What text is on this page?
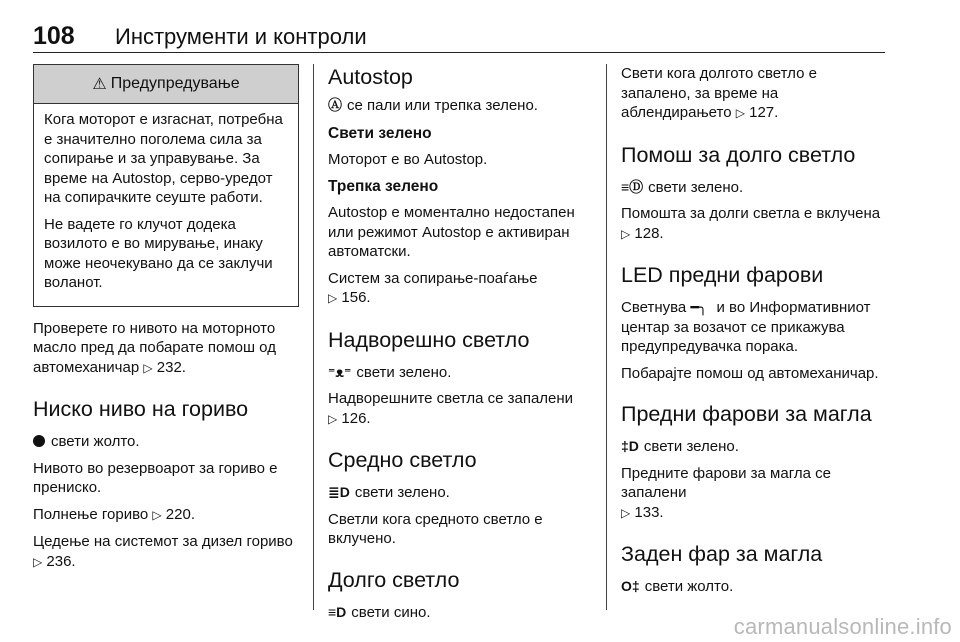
108 Инструменти и контроли
⚠ Предупредување

Кога моторот е изгаснат, потребна е значително поголема сила за сопирање и за управување. За време на Autostop, серво-уредот на сопирачките сеуште работи.

Не вадете го клучот додека возилото е во мирување, инаку може неочекувано да се заклучи воланот.

Проверете го нивото на моторното масло пред да побарате помош од автомеханичар ▷ 232.

Ниско ниво на гориво

свети жолто.

Нивото во резервоарот за гориво е прениско.

Полнење гориво ▷ 220.

Цедење на системот за дизел гориво ▷ 236.

Autostop

Ⓐ се пали или трепка зелено.

Свети зелено

Моторот е во Autostop.

Трепка зелено

Autostop е моментално недостапен или режимот Autostop е активиран автоматски.

Систем за сопирање-поаѓање
▷ 156.

Надворешно светло

⁼ᴥ⁼ свети зелено.

Надворешните светла се запалени
▷ 126.

Средно светло

≣D свети зелено.

Светли кога средното светло е вклучено.

Долго светло

≡D свети сино.

Свети кога долгото светло е запалено, за време на аблендирањето ▷ 127.

Помош за долго светло

≡Ⓓ свети зелено.

Помошта за долги светла е вклучена
▷ 128.

LED предни фарови

Светнува ━╮ и во Информативниот центар за возачот се прикажува предупредувачка порака.

Побарајте помош од автомеханичар.

Предни фарови за магла

‡D свети зелено.

Предните фарови за магла се запалени
▷ 133.

Заден фар за магла

O‡ свети жолто.

carmanualsonline.info
